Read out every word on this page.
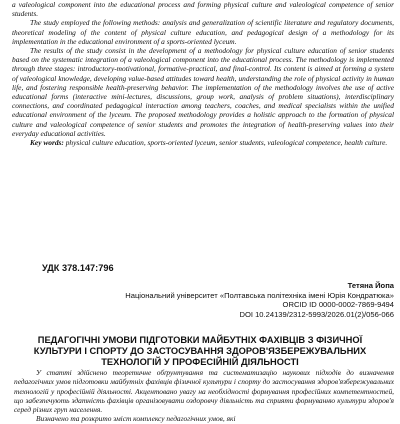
a valeological component into the educational process and forming physical culture and valeological competence of senior students.

The study employed the following methods: analysis and generalization of scientific literature and regulatory documents, theoretical modeling of the content of physical culture education, and pedagogical design of a methodology for its implementation in the educational environment of a sports-oriented lyceum.

The results of the study consist in the development of a methodology for physical culture education of senior students based on the systematic integration of a valeological component into the educational process. The methodology is implemented through three stages: introductory-motivational, formative-practical, and final-control. Its content is aimed at forming a system of valeological knowledge, developing value-based attitudes toward health, understanding the role of physical activity in human life, and fostering responsible health-preserving behavior. The implementation of the methodology involves the use of active educational forms (interactive mini-lectures, discussions, group work, analysis of problem situations), interdisciplinary connections, and coordinated pedagogical interaction among teachers, coaches, and medical specialists within the unified educational environment of the lyceum. The proposed methodology provides a holistic approach to the formation of physical culture and valeological competence of senior students and promotes the integration of health-preserving values into their everyday educational activities.

Key words: physical culture education, sports-oriented lyceum, senior students, valeological competence, health culture.

УДК 378.147:796
Тетяна Йопа
Національний університет «Полтавська політехніка імені Юрія Кондратюка»
ORCID ID 0000-0002-7869-9494
DOI 10.24139/2312-5993/2026.01(2)/056-066
ПЕДАГОГІЧНІ УМОВИ ПІДГОТОВКИ МАЙБУТНІХ ФАХІВЦІВ З ФІЗИЧНОЇ КУЛЬТУРИ І СПОРТУ ДО ЗАСТОСУВАННЯ ЗДОРОВ'ЯЗБЕРЕЖУВАЛЬНИХ ТЕХНОЛОГІЙ У ПРОФЕСІЙНІЙ ДІЯЛЬНОСТІ

У статті здійснено теоретичне обґрунтування та систематизацію наукових підходів до визначення педагогічних умов підготовки майбутніх фахівців фізичної культури і спорту до застосування здоров'язбережувальних технологій у професійній діяльності. Акцентовано увагу на необхідності формування професійних компетентностей, що забезпечують здатність фахівців організовувати оздоровчу діяльність та сприяти формуванню культури здоров'я серед різних груп населення.

Визначено та розкрито зміст комплексу педагогічних умов, які
